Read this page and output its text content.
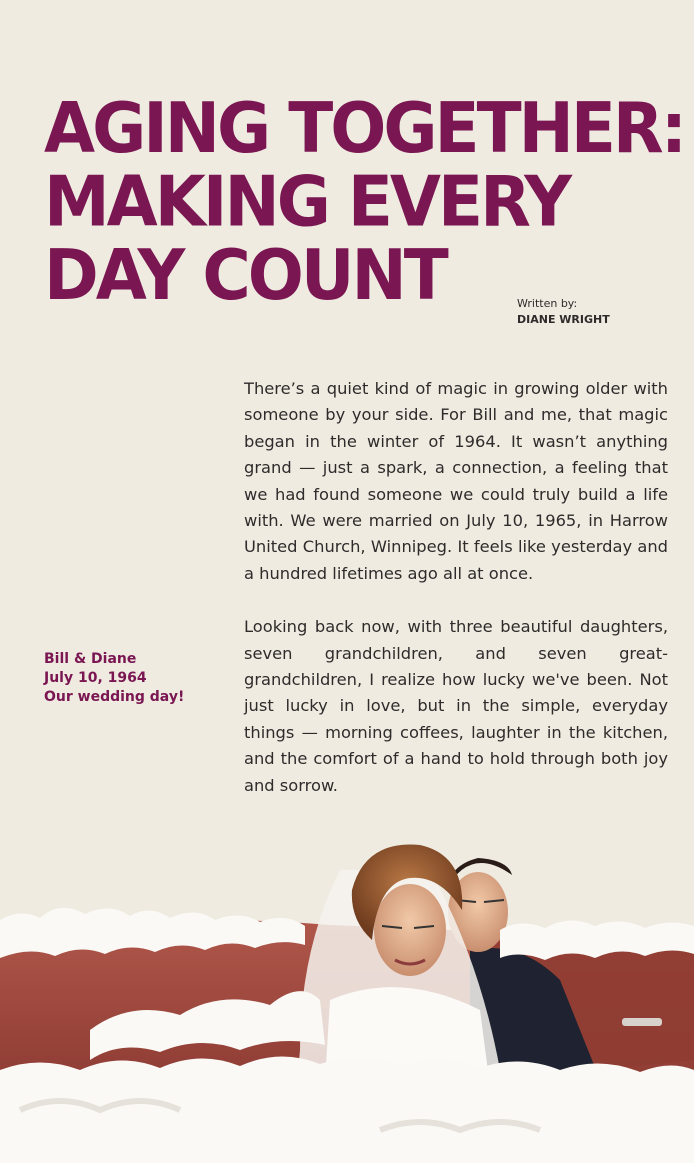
AGING TOGETHER:
MAKING EVERY
DAY COUNT	Written by:
DIANE WRIGHT

There’s a quiet kind of magic in growing older with someone by your side. For Bill and me, that magic began in the winter of 1964. It wasn’t anything grand — just a spark, a connection, a feeling that we had found someone we could truly build a life with. We were married on July 10, 1965, in Harrow United Church, Winnipeg. It feels like yesterday and a hundred lifetimes ago all at once.

Looking back now, with three beautiful daughters, seven grandchildren, and seven great-grandchildren, I realize how lucky we've been. Not just lucky in love, but in the simple, everyday things — morning coffees, laughter in the kitchen, and the comfort of a hand to hold through both joy and sorrow.

Bill & Diane
July 10, 1964
Our wedding day!
